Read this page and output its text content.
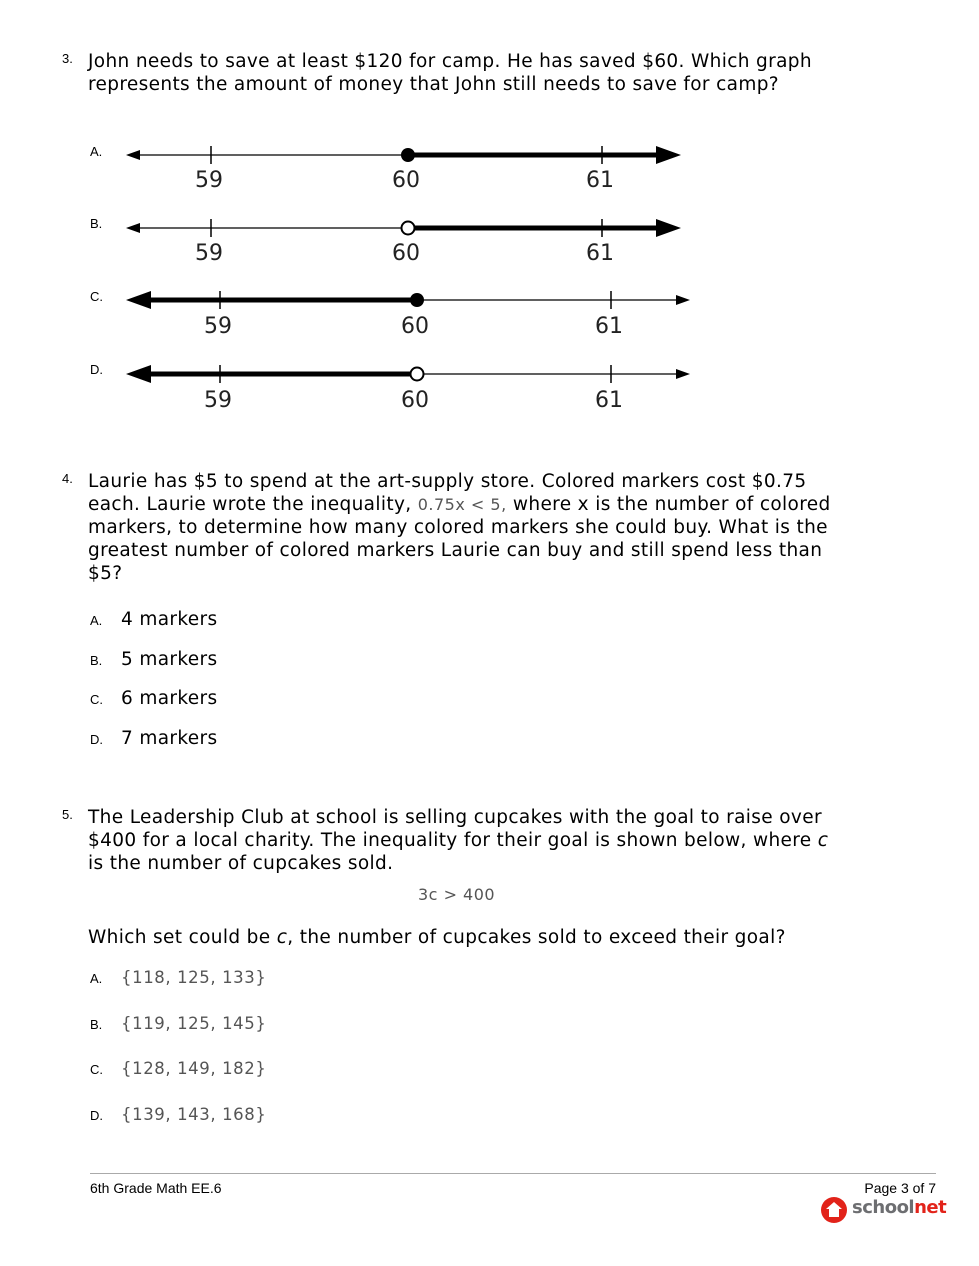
3. John needs to save at least $120 for camp. He has saved $60. Which graph represents the amount of money that John still needs to save for camp?
A.
59	60	61
B.
59	60	61
C.
59	60	61
D.
59	60	61
4. Laurie has $5 to spend at the art-supply store. Colored markers cost $0.75 each. Laurie wrote the inequality, 0.75x < 5, where x is the number of colored markers, to determine how many colored markers she could buy. What is the greatest number of colored markers Laurie can buy and still spend less than $5?
A. 4 markers
B. 5 markers
C. 6 markers
D. 7 markers
5. The Leadership Club at school is selling cupcakes with the goal to raise over $400 for a local charity. The inequality for their goal is shown below, where c is the number of cupcakes sold.
3c > 400
Which set could be c, the number of cupcakes sold to exceed their goal?
A. {118, 125, 133}
B. {119, 125, 145}
C. {128, 149, 182}
D. {139, 143, 168}
6th Grade Math EE.6	Page 3 of 7
schoolnet
